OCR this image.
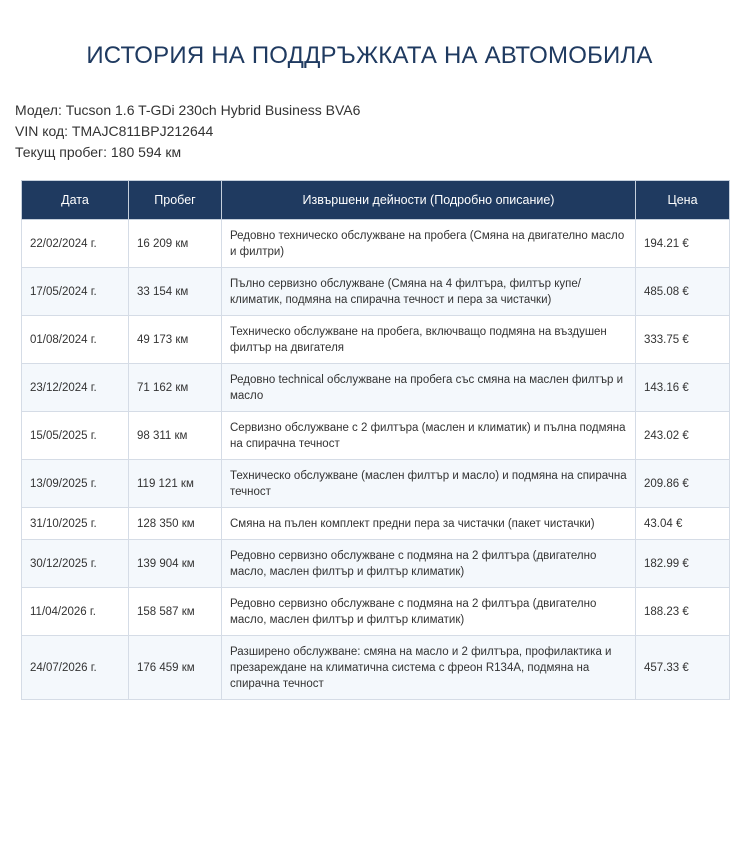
ИСТОРИЯ НА ПОДДРЪЖКАТА НА АВТОМОБИЛА
Модел: Tucson 1.6 T-GDi 230ch Hybrid Business BVA6
VIN код: TMAJC811BPJ212644
Текущ пробег: 180 594 км
Дата	Пробег	Извършени дейности (Подробно описание)	Цена
22/02/2024 г.	16 209 км	Редовно техническо обслужване на пробега (Смяна на двигателно масло и филтри)	194.21 €
17/05/2024 г.	33 154 км	Пълно сервизно обслужване (Смяна на 4 филтъра, филтър купе/климатик, подмяна на спирачна течност и пера за чистачки)	485.08 €
01/08/2024 г.	49 173 км	Техническо обслужване на пробега, включващо подмяна на въздушен филтър на двигателя	333.75 €
23/12/2024 г.	71 162 км	Редовно technical обслужване на пробега със смяна на маслен филтър и масло	143.16 €
15/05/2025 г.	98 311 км	Сервизно обслужване с 2 филтъра (маслен и климатик) и пълна подмяна на спирачна течност	243.02 €
13/09/2025 г.	119 121 км	Техническо обслужване (маслен филтър и масло) и подмяна на спирачна течност	209.86 €
31/10/2025 г.	128 350 км	Смяна на пълен комплект предни пера за чистачки (пакет чистачки)	43.04 €
30/12/2025 г.	139 904 км	Редовно сервизно обслужване с подмяна на 2 филтъра (двигателно масло, маслен филтър и филтър климатик)	182.99 €
11/04/2026 г.	158 587 км	Редовно сервизно обслужване с подмяна на 2 филтъра (двигателно масло, маслен филтър и филтър климатик)	188.23 €
24/07/2026 г.	176 459 км	Разширено обслужване: смяна на масло и 2 филтъра, профилактика и презареждане на климатична система с фреон R134A, подмяна на спирачна течност	457.33 €
